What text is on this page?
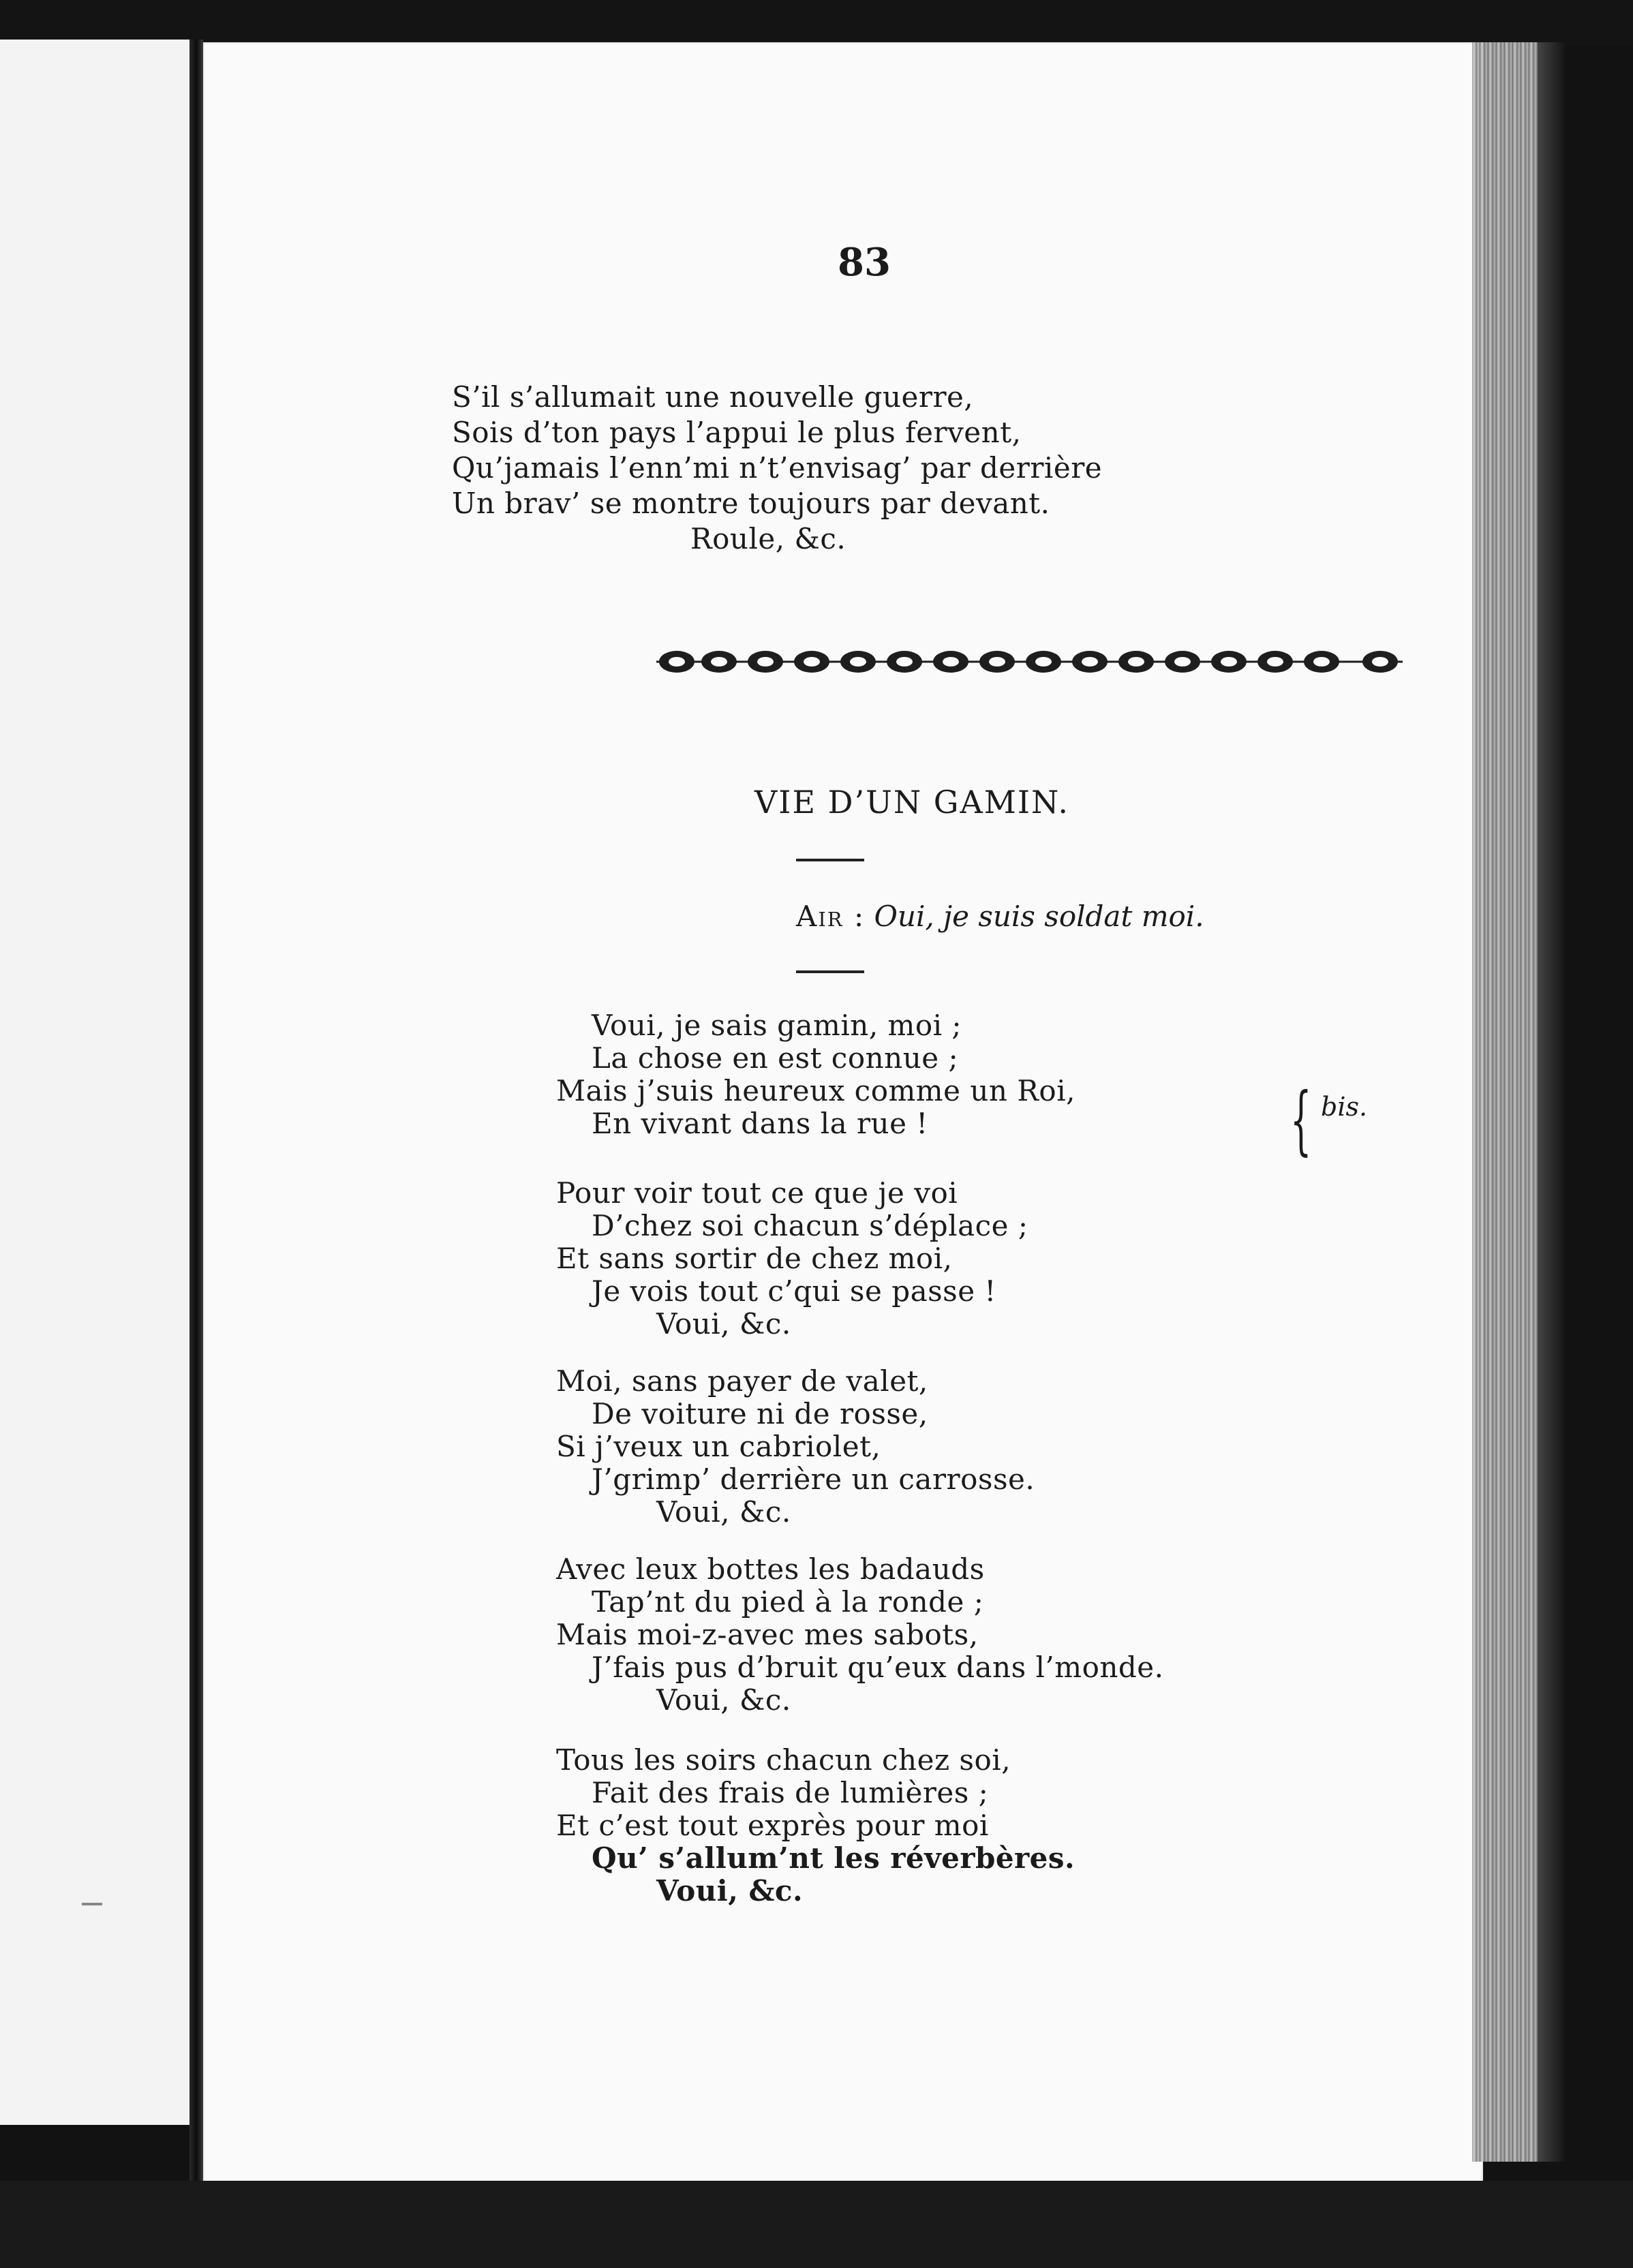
83
S’il s’allumait une nouvelle guerre,
Sois d’ton pays l’appui le plus fervent,
Qu’jamais l’enn’mi n’t’envisag’ par derrière
Un brav’ se montre toujours par devant.
Roule, &c.
VIE D’UN GAMIN.
Air : Oui, je suis soldat moi.
Voui, je sais gamin, moi ;
La chose en est connue ;
Mais j’suis heureux comme un Roi,
En vivant dans la rue !	{ bis.
Pour voir tout ce que je voi
D’chez soi chacun s’déplace ;
Et sans sortir de chez moi,
Je vois tout c’qui se passe !
Voui, &c.
Moi, sans payer de valet,
De voiture ni de rosse,
Si j’veux un cabriolet,
J’grimp’ derrière un carrosse.
Voui, &c.
Avec leux bottes les badauds
Tap’nt du pied à la ronde ;
Mais moi-z-avec mes sabots,
J’fais pus d’bruit qu’eux dans l’monde.
Voui, &c.
Tous les soirs chacun chez soi,
Fait des frais de lumières ;
Et c’est tout exprès pour moi
Qu’ s’allum’nt les réverbères.
Voui, &c.
